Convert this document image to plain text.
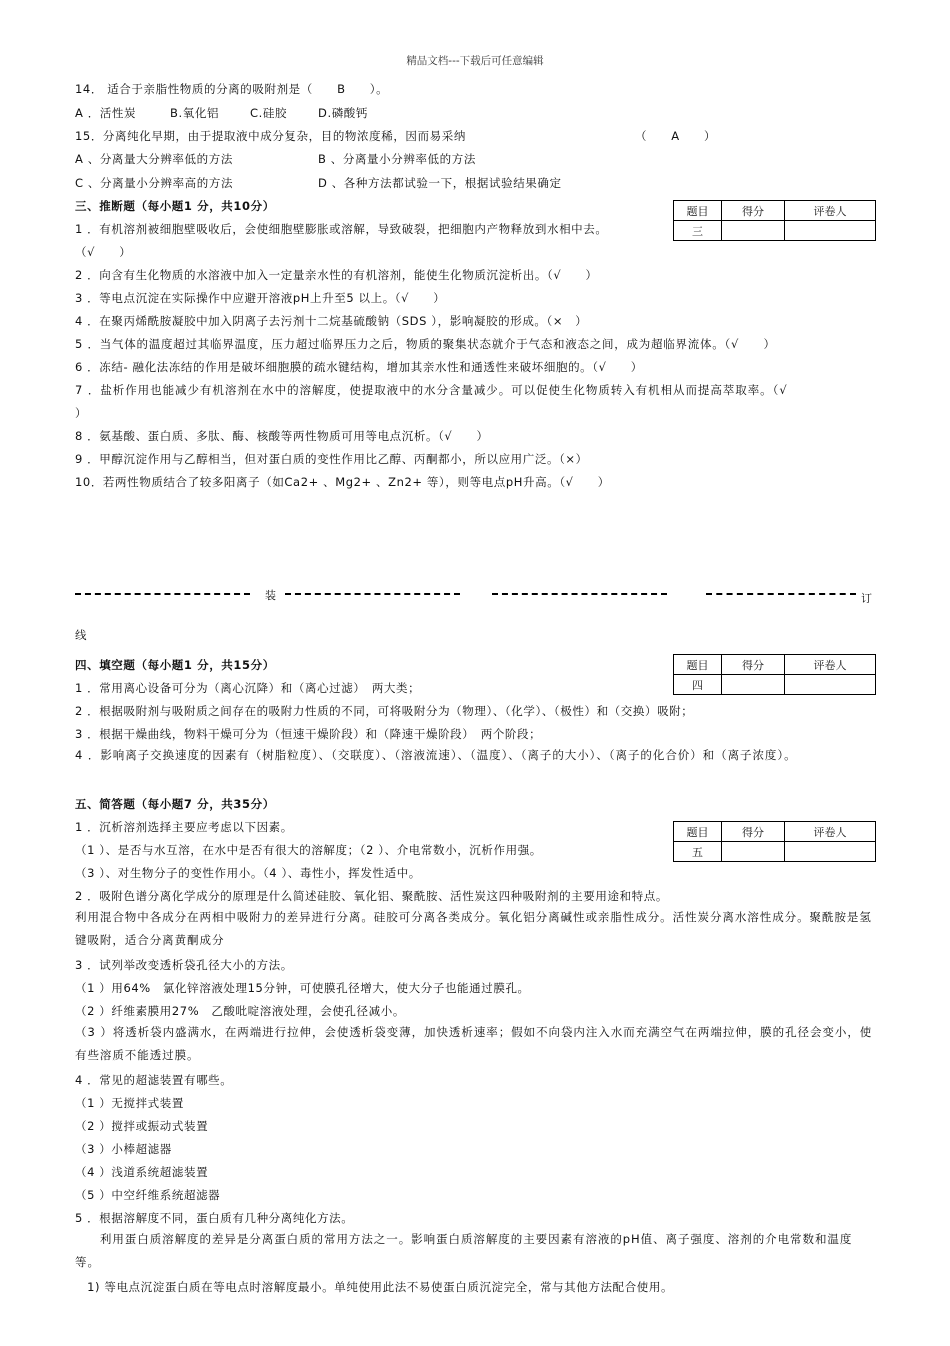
精品文档---下载后可任意编辑
14． 适合于亲脂性物质的分离的吸附剂是（　　B　　）。
A ．活性炭	B.氧化铝	C.硅胶	D.磷酸钙
15．分离纯化早期，由于提取液中成分复杂，目的物浓度稀，因而易采纳	（　　A　　）
A 、分离量大分辨率低的方法	B 、分离量小分辨率低的方法
C 、分离量小分辨率高的方法	D 、各种方法都试验一下，根据试验结果确定
三、推断题（每小题1 分，共10分）	题目	得分	评卷人
三		
1 ．有机溶剂被细胞壁吸收后，会使细胞壁膨胀或溶解，导致破裂，把细胞内产物释放到水相中去。
（√　　）
2 ．向含有生化物质的水溶液中加入一定量亲水性的有机溶剂，能使生化物质沉淀析出。（√　　）
3 ．等电点沉淀在实际操作中应避开溶液pH上升至5 以上。（√　　）
4 ．在聚丙烯酰胺凝胶中加入阴离子去污剂十二烷基硫酸钠（SDS ），影响凝胶的形成。（×　）
5 ．当气体的温度超过其临界温度，压力超过临界压力之后，物质的聚集状态就介于气态和液态之间，成为超临界流体。（√　　）
6 ．冻结- 融化法冻结的作用是破坏细胞膜的疏水键结构，增加其亲水性和通透性来破坏细胞的。（√　　）
7 ．盐析作用也能减少有机溶剂在水中的溶解度，使提取液中的水分含量减少。可以促使生化物质转入有机相从而提高萃取率。（√
）
8 ．氨基酸、蛋白质、多肽、酶、核酸等两性物质可用等电点沉析。（√　　）
9 ．甲醇沉淀作用与乙醇相当，但对蛋白质的变性作用比乙醇、丙酮都小，所以应用广泛。（×）
10．若两性物质结合了较多阳离子（如Ca2+ 、Mg2+ 、Zn2+ 等），则等电点pH升高。（√　　）
装	订
线
四、填空题（每小题1 分，共15分）	题目	得分	评卷人
四		
1 ．常用离心设备可分为（离心沉降）和（离心过滤）　两大类；
2 ．根据吸附剂与吸附质之间存在的吸附力性质的不同，可将吸附分为（物理）、（化学）、（极性）和（交换）吸附；
3 ．根据干燥曲线，物料干燥可分为（恒速干燥阶段）和（降速干燥阶段）　两个阶段；
4 ．影响离子交换速度的因素有（树脂粒度）、（交联度）、（溶液流速）、（温度）、（离子的大小）、（离子的化合价）和（离子浓度）。
五、简答题（每小题7 分，共35分）
题目	得分	评卷人
五		
1 ．沉析溶剂选择主要应考虑以下因素。
（1 ）、是否与水互溶，在水中是否有很大的溶解度；（2 ）、介电常数小，沉析作用强。
（3 ）、对生物分子的变性作用小。（4 ）、毒性小，挥发性适中。
2 ．吸附色谱分离化学成分的原理是什么简述硅胶、氧化铝、聚酰胺、活性炭这四种吸附剂的主要用途和特点。
利用混合物中各成分在两相中吸附力的差异进行分离。硅胶可分离各类成分。氧化铝分离碱性或亲脂性成分。活性炭分离水溶性成分。聚酰胺是氢键吸附，适合分离黄酮成分
3 ．试列举改变透析袋孔径大小的方法。
（1 ）用64%　氯化锌溶液处理15分钟，可使膜孔径增大，使大分子也能通过膜孔。
（2 ）纤维素膜用27%　乙酸吡啶溶液处理，会使孔径减小。
（3 ）将透析袋内盛满水，在两端进行拉伸，会使透析袋变薄，加快透析速率；假如不向袋内注入水而充满空气在两端拉伸，膜的孔径会变小，使有些溶质不能透过膜。
4 ．常见的超滤装置有哪些。
（1 ）无搅拌式装置
（2 ）搅拌或振动式装置
（3 ）小棒超滤器
（4 ）浅道系统超滤装置
（5 ）中空纤维系统超滤器
5 ．根据溶解度不同，蛋白质有几种分离纯化方法。
　　利用蛋白质溶解度的差异是分离蛋白质的常用方法之一。影响蛋白质溶解度的主要因素有溶液的pH值、离子强度、溶剂的介电常数和温度等。
　1) 等电点沉淀蛋白质在等电点时溶解度最小。单纯使用此法不易使蛋白质沉淀完全，常与其他方法配合使用。
